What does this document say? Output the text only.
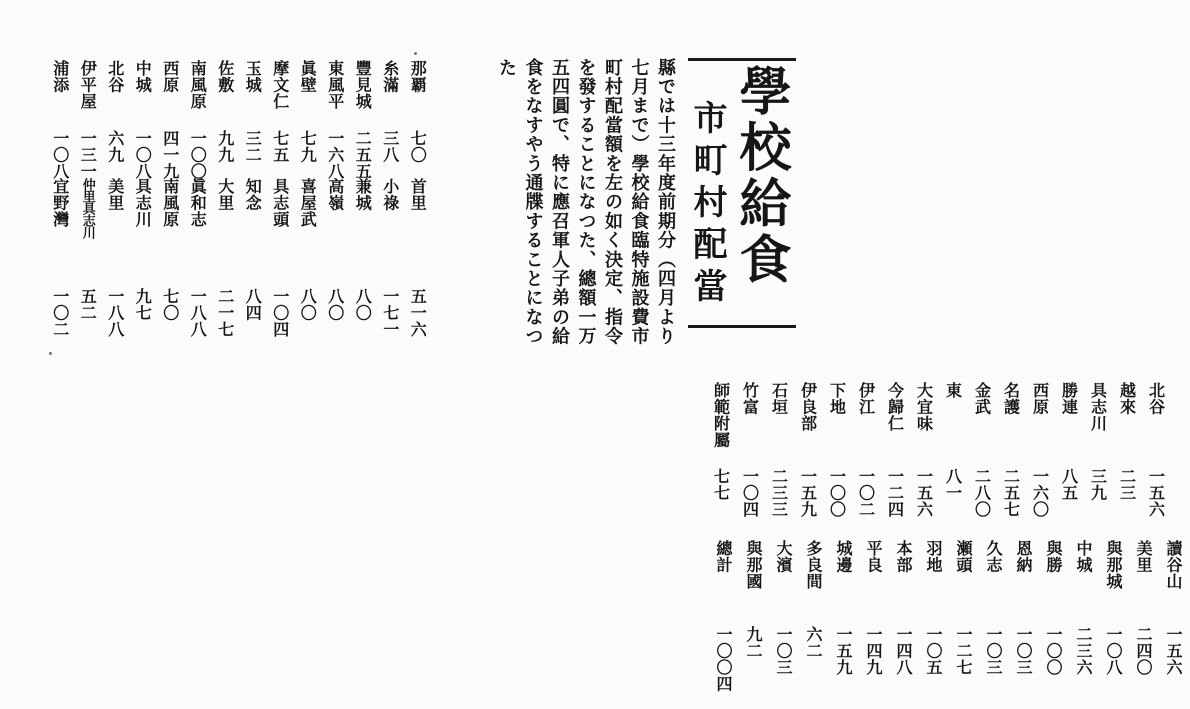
學校給食
市町村配當
縣では十三年度前期分（四月より七月まで）學校給食臨特施設費市町村配當額を左の如く決定、指令を發することになつた、總額一万五四圓で、特に應召軍人子弟の給食をなすやう通牒することになつた
那覇
七〇
首里
五一六
糸滿
三八
小祿
一七一
豐見城
二五五
兼城
八〇
東風平
一六八
高嶺
八〇
眞壁
七九
喜屋武
八〇
摩文仁
七五
具志頭
一〇四
玉城
三二
知念
八四
佐敷
九九
大里
二一七
南風原
一〇〇
眞和志
一八八
西原
四一九
南風原
七〇
中城
一〇八
具志川
九七
北谷
六九
美里
一八八
伊平屋
一三一
仲里具志川
五二
浦添
一〇八
宜野灣
一〇二
北谷
一五六
越來
二三
具志川
三九
勝連
八五
西原
一六〇
名護
二五七
金武
二八〇
東
八一
大宜味
一五六
今歸仁
一二四
伊江
一〇二
下地
一〇〇
伊良部
一五九
石垣
二三三
竹富
一〇四
師範附屬
七七
讀谷山
一五六
美里
二四〇
與那城
一〇八
中城
二三六
與勝
一〇〇
恩納
一〇三
久志
一〇三
瀬頭
一二七
羽地
一〇五
本部
一四八
平良
一四九
城邊
一五九
多良間
六二
大濱
一〇三
與那國
九二
總計
一〇〇四
